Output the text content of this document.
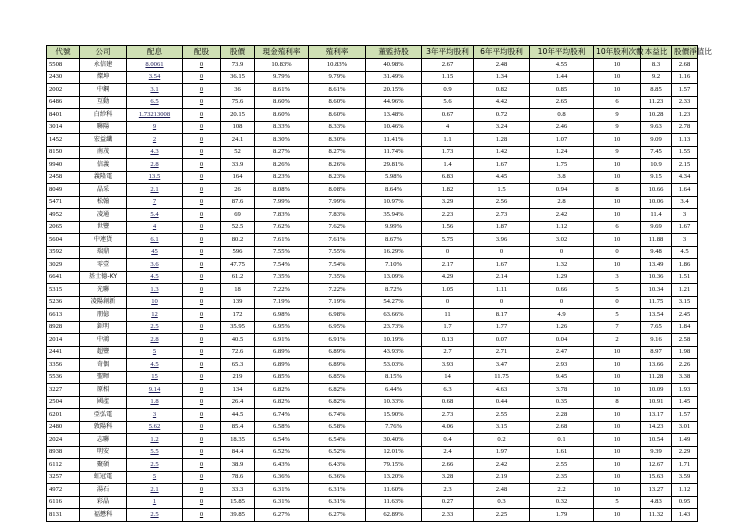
代號	公司	配息	配股	股價	現金殖利率	殖利率	董監持股	3年平均股利	6年平均股利	10年平均股利	10年股利次數	本益比	股價淨值比
5508	永信建	8.0061	0	73.9	10.83%	10.83%	40.98%	2.67	2.48	4.55	10	8.3	2.68
2430	燦坤	3.54	0	36.15	9.79%	9.79%	31.49%	1.15	1.34	1.44	10	9.2	1.16
2002	中鋼	3.1	0	36	8.61%	8.61%	20.15%	0.9	0.82	0.85	10	8.85	1.57
6486	互動	6.5	0	75.6	8.60%	8.60%	44.96%	5.6	4.42	2.65	6	11.23	2.33
8401	白紗科	1.73213008	0	20.15	8.60%	8.60%	13.48%	0.67	0.72	0.8	9	10.28	1.23
3014	聯陽	9	0	108	8.33%	8.33%	10.46%	4	3.24	2.46	9	9.63	2.78
1452	宏益纖	2	0	24.1	8.30%	8.30%	11.41%	1.1	1.28	1.07	10	9.09	1.13
8150	南茂	4.3	0	52	8.27%	8.27%	11.74%	1.73	1.42	1.24	9	7.45	1.55
9940	信義	2.8	0	33.9	8.26%	8.26%	29.81%	1.4	1.67	1.75	10	10.9	2.15
2458	義隆電	13.5	0	164	8.23%	8.23%	5.98%	6.83	4.45	3.8	10	9.15	4.34
8049	晶采	2.1	0	26	8.08%	8.08%	8.64%	1.82	1.5	0.94	8	10.66	1.64
5471	松翰	7	0	87.6	7.99%	7.99%	10.97%	3.29	2.56	2.8	10	10.06	3.4
4952	凌通	5.4	0	69	7.83%	7.83%	35.94%	2.23	2.73	2.42	10	11.4	3
2065	世豐	4	0	52.5	7.62%	7.62%	9.99%	1.56	1.87	1.12	6	9.69	1.67
5604	中連貨	6.1	0	80.2	7.61%	7.61%	8.67%	5.75	3.96	3.02	10	11.88	3
3592	瑞鼎	45	0	596	7.55%	7.55%	16.29%	0	0	0	0	9.48	4.5
3029	零壹	3.6	0	47.75	7.54%	7.54%	7.10%	2.17	1.67	1.32	10	13.49	1.86
6641	基士德-KY	4.5	0	61.2	7.35%	7.35%	13.09%	4.29	2.14	1.29	3	10.36	1.51
5315	光聯	1.3	0	18	7.22%	7.22%	8.72%	1.05	1.11	0.66	5	10.34	1.21
5236	凌陽創新	10	0	139	7.19%	7.19%	54.27%	0	0	0	0	11.75	3.15
6613	朋億	12	0	172	6.98%	6.98%	63.66%	11	8.17	4.9	5	13.54	2.45
8928	鉅明	2.5	0	35.95	6.95%	6.95%	23.73%	1.7	1.77	1.26	7	7.65	1.84
2014	中鴻	2.8	0	40.5	6.91%	6.91%	10.19%	0.13	0.07	0.04	2	9.16	2.58
2441	超豐	5	0	72.6	6.89%	6.89%	43.93%	2.7	2.71	2.47	10	8.97	1.98
3356	奇偶	4.5	0	65.3	6.89%	6.89%	53.03%	3.93	3.47	2.93	10	13.66	2.26
5536	聖暉	15	0	219	6.85%	6.85%	8.15%	14	11.75	9.45	10	11.28	3.38
3227	原相	9.14	0	134	6.82%	6.82%	6.44%	6.3	4.63	3.78	10	10.09	1.93
2504	國產	1.8	0	26.4	6.82%	6.82%	10.33%	0.68	0.44	0.35	8	10.91	1.45
6201	亞弘電	3	0	44.5	6.74%	6.74%	15.90%	2.73	2.55	2.28	10	13.17	1.57
2480	敦陽科	5.62	0	85.4	6.58%	6.58%	7.76%	4.06	3.15	2.68	10	14.23	3.01
2024	志聯	1.2	0	18.35	6.54%	6.54%	30.40%	0.4	0.2	0.1	10	10.54	1.49
8938	明安	5.5	0	84.4	6.52%	6.52%	12.01%	2.4	1.97	1.61	10	9.39	2.29
6112	聚碩	2.5	0	38.9	6.43%	6.43%	79.15%	2.66	2.42	2.55	10	12.67	1.71
3257	虹冠電	5	0	78.6	6.36%	6.36%	13.20%	3.28	2.19	2.35	10	15.63	3.59
4972	湯石	2.1	0	33.3	6.31%	6.31%	11.60%	2.3	2.48	2.2	10	13.27	1.12
6116	彩晶	1	0	15.85	6.31%	6.31%	11.63%	0.27	0.3	0.32	5	4.83	0.95
8131	福懋科	2.5	0	39.85	6.27%	6.27%	62.89%	2.33	2.25	1.79	10	11.32	1.43
